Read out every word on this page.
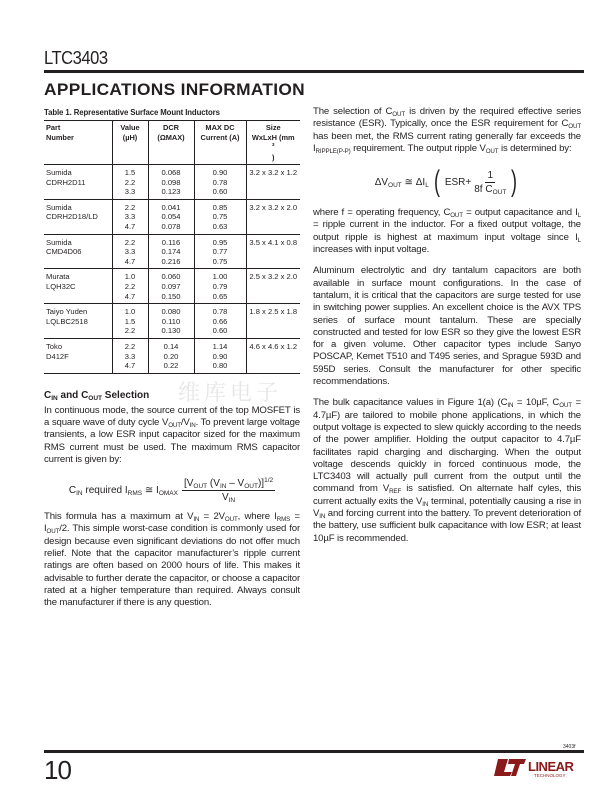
LTC3403
APPLICATIONS INFORMATION
维库电子
Table 1. Representative Surface Mount Inductors
Part
Number	Value
(µH)	DCR
(ΩMAX)	MAX DC
Current (A)	Size
WxLxH (mm
$^3$
)

Sumida
CDRH2D11	1.5
2.2
3.3	0.068
0.098
0.123	0.90
0.78
0.60	3.2 x 3.2 x 1.2

Sumida
CDRH2D18/LD	2.2
3.3
4.7	0.041
0.054
0.078	0.85
0.75
0.63	3.2 x 3.2 x 2.0

Sumida
CMD4D06	2.2
3.3
4.7	0.116
0.174
0.216	0.95
0.77
0.75	3.5 x 4.1 x 0.8

Murata
LQH32C	1.0
2.2
4.7	0.060
0.097
0.150	1.00
0.79
0.65	2.5 x 3.2 x 2.0

Taiyo Yuden
LQLBC2518	1.0
1.5
2.2	0.080
0.110
0.130	0.78
0.66
0.60	1.8 x 2.5 x 1.8

Toko
D412F	2.2
3.3
4.7	0.14
0.20
0.22	1.14
0.90
0.80	4.6 x 4.6 x 1.2
$C_{IN}$ and $C_{OUT}$ Selection

In continuous mode, the source current of the top MOSFET is a square wave of duty cycle $V_{OUT}/V_{IN}$. To prevent large voltage transients, a low ESR input capacitor sized for the maximum RMS current must be used. The maximum RMS capacitor current is given by:

$C_{IN}$ required $I_{RMS}$ ≅ $I_{OMAX} \frac{[V_{OUT} (V_{IN} - V_{OUT})]^{1/2}}{V_{IN}}$

This formula has a maximum at $V_{IN} = 2V_{OUT}$, where $I_{RMS} = I_{OUT}/2$. This simple worst-case condition is commonly used for design because even significant deviations do not offer much relief. Note that the capacitor manufacturer’s ripple current ratings are often based on 2000 hours of life. This makes it advisable to further derate the capacitor, or choose a capacitor rated at a higher temperature than required. Always consult the manufacturer if there is any question.

The selection of $C_{OUT}$ is driven by the required effective series resistance (ESR). Typically, once the ESR requirement for $C_{OUT}$ has been met, the RMS current rating generally far exceeds the $I_{RIPPLE(P-P)}$ requirement. The output ripple $V_{OUT}$ is determined by:

$\Delta V_{OUT}$ ≅ $\Delta I_L$ ( $ESR+ \frac{1}{8f C_{OUT}}$ )

where f = operating frequency, $C_{OUT}$ = output capacitance and $I_L$ = ripple current in the inductor. For a fixed output voltage, the output ripple is highest at maximum input voltage since $I_L$ increases with input voltage.

Aluminum electrolytic and dry tantalum capacitors are both available in surface mount configurations. In the case of tantalum, it is critical that the capacitors are surge tested for use in switching power supplies. An excellent choice is the AVX TPS series of surface mount tantalum. These are specially constructed and tested for low ESR so they give the lowest ESR for a given volume. Other capacitor types include Sanyo POSCAP, Kemet T510 and T495 series, and Sprague 593D and 595D series. Consult the manufacturer for other specific recommendations.

The bulk capacitance values in Figure 1(a) ($C_{IN} = 10\mu F$, $C_{OUT} = 4.7\mu F$) are tailored to mobile phone applications, in which the output voltage is expected to slew quickly according to the needs of the power amplifier. Holding the output capacitor to 4.7µF facilitates rapid charging and discharging. When the output voltage descends quickly in forced continuous mode, the LTC3403 will actually pull current from the output until the command from $V_{REF}$ is satisfied. On alternate half cyles, this current actually exits the $V_{IN}$ terminal, potentially causing a rise in $V_{IN}$ and forcing current into the battery. To prevent deterioration of the battery, use sufficient bulk capacitance with low ESR; at least 10µF is recommended.

3403f
10	LINEAR
TECHNOLOGY
